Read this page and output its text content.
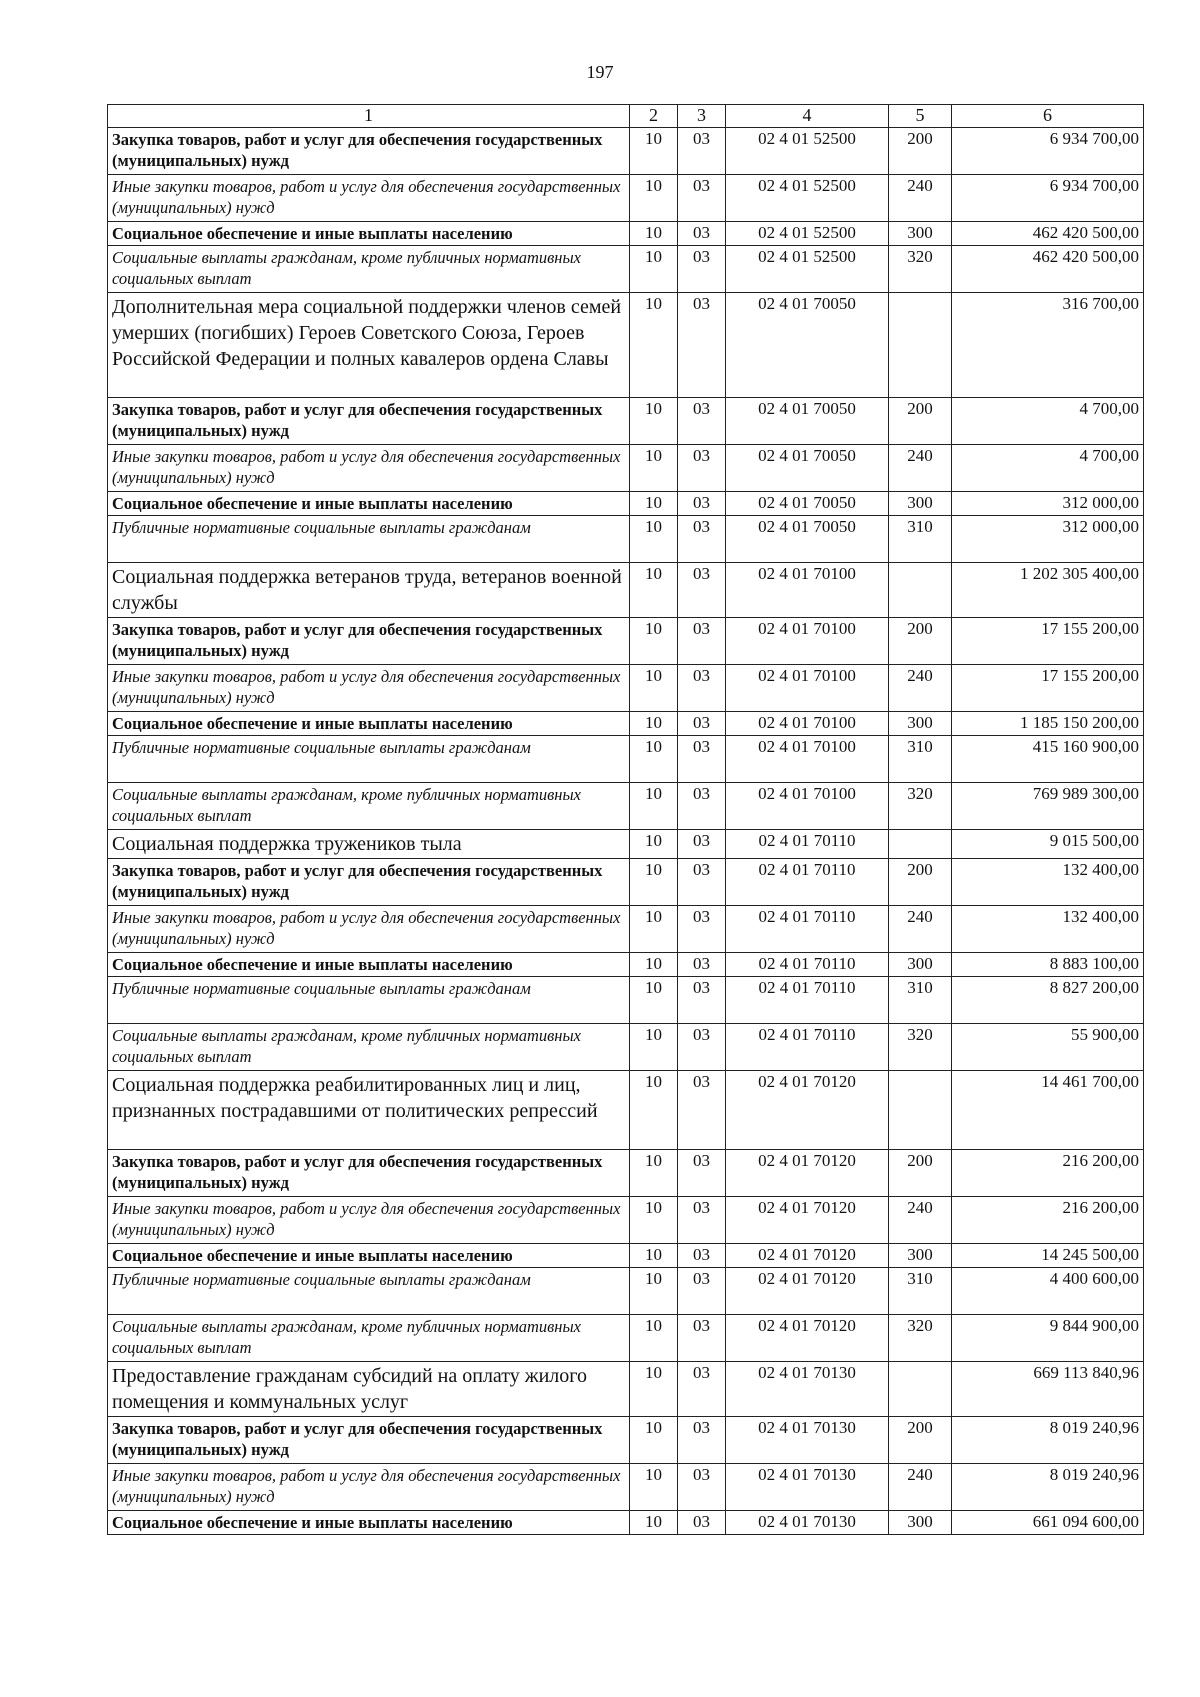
197
1	2	3	4	5	6
Закупка товаров, работ и услуг для обеспечения государственных (муниципальных) нужд	10	03	02 4 01 52500	200	6 934 700,00
Иные закупки товаров, работ и услуг для обеспечения государственных (муниципальных) нужд	10	03	02 4 01 52500	240	6 934 700,00
Социальное обеспечение и иные выплаты населению	10	03	02 4 01 52500	300	462 420 500,00
Социальные выплаты гражданам, кроме публичных нормативных социальных выплат	10	03	02 4 01 52500	320	462 420 500,00
Дополнительная мера социальной поддержки членов семей умерших (погибших) Героев Советского Союза, Героев Российской Федерации и полных кавалеров ордена Славы	10	03	02 4 01 70050		316 700,00
Закупка товаров, работ и услуг для обеспечения государственных (муниципальных) нужд	10	03	02 4 01 70050	200	4 700,00
Иные закупки товаров, работ и услуг для обеспечения государственных (муниципальных) нужд	10	03	02 4 01 70050	240	4 700,00
Социальное обеспечение и иные выплаты населению	10	03	02 4 01 70050	300	312 000,00
Публичные нормативные социальные выплаты гражданам	10	03	02 4 01 70050	310	312 000,00
Социальная поддержка ветеранов труда, ветеранов военной службы	10	03	02 4 01 70100		1 202 305 400,00
Закупка товаров, работ и услуг для обеспечения государственных (муниципальных) нужд	10	03	02 4 01 70100	200	17 155 200,00
Иные закупки товаров, работ и услуг для обеспечения государственных (муниципальных) нужд	10	03	02 4 01 70100	240	17 155 200,00
Социальное обеспечение и иные выплаты населению	10	03	02 4 01 70100	300	1 185 150 200,00
Публичные нормативные социальные выплаты гражданам	10	03	02 4 01 70100	310	415 160 900,00
Социальные выплаты гражданам, кроме публичных нормативных социальных выплат	10	03	02 4 01 70100	320	769 989 300,00
Социальная поддержка тружеников тыла	10	03	02 4 01 70110		9 015 500,00
Закупка товаров, работ и услуг для обеспечения государственных (муниципальных) нужд	10	03	02 4 01 70110	200	132 400,00
Иные закупки товаров, работ и услуг для обеспечения государственных (муниципальных) нужд	10	03	02 4 01 70110	240	132 400,00
Социальное обеспечение и иные выплаты населению	10	03	02 4 01 70110	300	8 883 100,00
Публичные нормативные социальные выплаты гражданам	10	03	02 4 01 70110	310	8 827 200,00
Социальные выплаты гражданам, кроме публичных нормативных социальных выплат	10	03	02 4 01 70110	320	55 900,00
Социальная поддержка реабилитированных лиц и лиц, признанных пострадавшими от политических репрессий	10	03	02 4 01 70120		14 461 700,00
Закупка товаров, работ и услуг для обеспечения государственных (муниципальных) нужд	10	03	02 4 01 70120	200	216 200,00
Иные закупки товаров, работ и услуг для обеспечения государственных (муниципальных) нужд	10	03	02 4 01 70120	240	216 200,00
Социальное обеспечение и иные выплаты населению	10	03	02 4 01 70120	300	14 245 500,00
Публичные нормативные социальные выплаты гражданам	10	03	02 4 01 70120	310	4 400 600,00
Социальные выплаты гражданам, кроме публичных нормативных социальных выплат	10	03	02 4 01 70120	320	9 844 900,00
Предоставление гражданам субсидий на оплату жилого помещения и коммунальных услуг	10	03	02 4 01 70130		669 113 840,96
Закупка товаров, работ и услуг для обеспечения государственных (муниципальных) нужд	10	03	02 4 01 70130	200	8 019 240,96
Иные закупки товаров, работ и услуг для обеспечения государственных (муниципальных) нужд	10	03	02 4 01 70130	240	8 019 240,96
Социальное обеспечение и иные выплаты населению	10	03	02 4 01 70130	300	661 094 600,00
